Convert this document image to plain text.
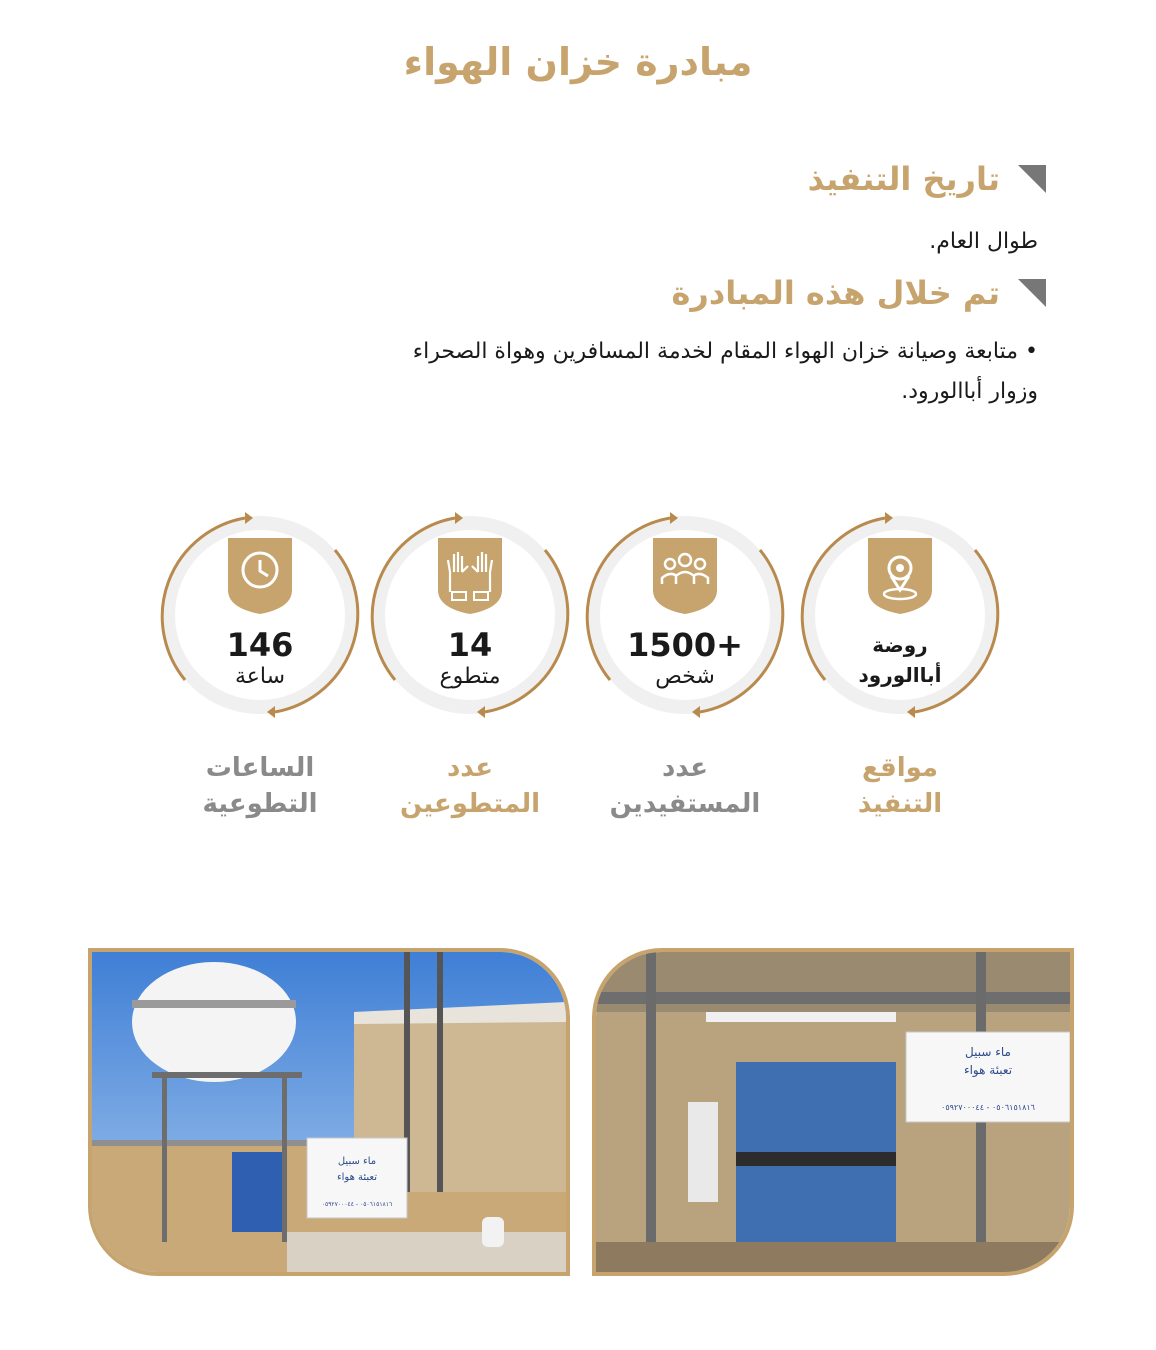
مبادرة خزان الهواء
تاريخ التنفيذ
طوال العام.
تم خلال هذه المبادرة
• متابعة وصيانة خزان الهواء المقام لخدمة المسافرين وهواة الصحراء
وزوار أباالورود.
روضة
أباالورود
مواقع
التنفيذ
1500+
شخص
عدد
المستفيدين
14
متطوع
عدد
المتطوعين
146
ساعة
الساعات
التطوعية
ماء سبيل
تعبئة هواء
٠٥٠٦١٥١٨١٦ - ٠٥٩٢٧٠٠٠٤٤
ماء سبيل
تعبئة هواء
٠٥٠٦١٥١٨١٦ - ٠٥٩٢٧٠٠٠٤٤
